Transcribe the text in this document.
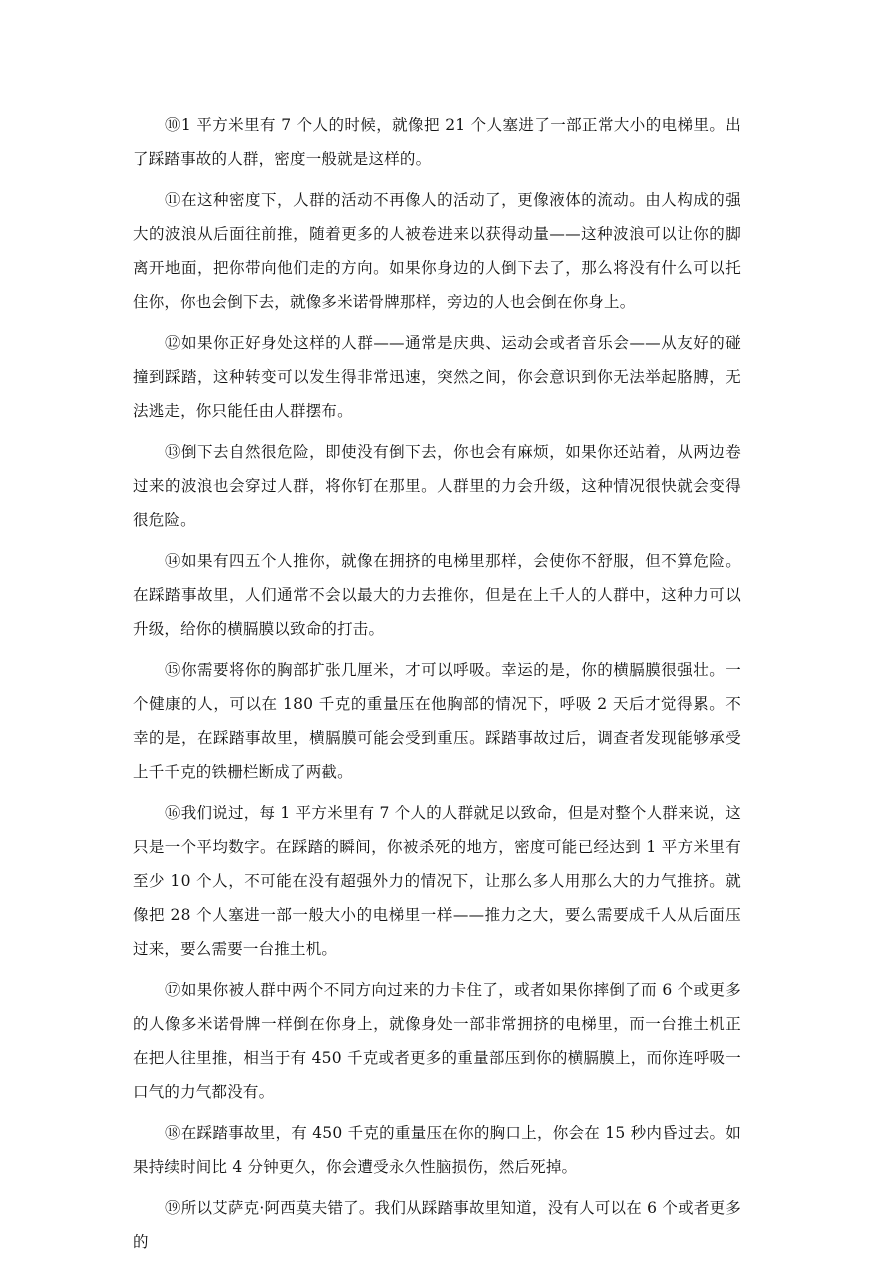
⑩1 平方米里有 7 个人的时候，就像把 21 个人塞进了一部正常大小的电梯里。出了踩踏事故的人群，密度一般就是这样的。

⑪在这种密度下，人群的活动不再像人的活动了，更像液体的流动。由人构成的强大的波浪从后面往前推，随着更多的人被卷进来以获得动量——这种波浪可以让你的脚离开地面，把你带向他们走的方向。如果你身边的人倒下去了，那么将没有什么可以托住你，你也会倒下去，就像多米诺骨牌那样，旁边的人也会倒在你身上。

⑫如果你正好身处这样的人群——通常是庆典、运动会或者音乐会——从友好的碰撞到踩踏，这种转变可以发生得非常迅速，突然之间，你会意识到你无法举起胳膊，无法逃走，你只能任由人群摆布。

⑬倒下去自然很危险，即使没有倒下去，你也会有麻烦，如果你还站着，从两边卷过来的波浪也会穿过人群，将你钉在那里。人群里的力会升级，这种情况很快就会变得很危险。

⑭如果有四五个人推你，就像在拥挤的电梯里那样，会使你不舒服，但不算危险。在踩踏事故里，人们通常不会以最大的力去推你，但是在上千人的人群中，这种力可以升级，给你的横膈膜以致命的打击。

⑮你需要将你的胸部扩张几厘米，才可以呼吸。幸运的是，你的横膈膜很强壮。一个健康的人，可以在 180 千克的重量压在他胸部的情况下，呼吸 2 天后才觉得累。不幸的是，在踩踏事故里，横膈膜可能会受到重压。踩踏事故过后，调查者发现能够承受上千千克的铁栅栏断成了两截。

⑯我们说过，每 1 平方米里有 7 个人的人群就足以致命，但是对整个人群来说，这只是一个平均数字。在踩踏的瞬间，你被杀死的地方，密度可能已经达到 1 平方米里有至少 10 个人，不可能在没有超强外力的情况下，让那么多人用那么大的力气推挤。就像把 28 个人塞进一部一般大小的电梯里一样——推力之大，要么需要成千人从后面压过来，要么需要一台推土机。

⑰如果你被人群中两个不同方向过来的力卡住了，或者如果你摔倒了而 6 个或更多的人像多米诺骨牌一样倒在你身上，就像身处一部非常拥挤的电梯里，而一台推土机正在把人往里推，相当于有 450 千克或者更多的重量部压到你的横膈膜上，而你连呼吸一口气的力气都没有。

⑱在踩踏事故里，有 450 千克的重量压在你的胸口上，你会在 15 秒内昏过去。如果持续时间比 4 分钟更久，你会遭受永久性脑损伤，然后死掉。

⑲所以艾萨克·阿西莫夫错了。我们从踩踏事故里知道，没有人可以在 6 个或者更多的
